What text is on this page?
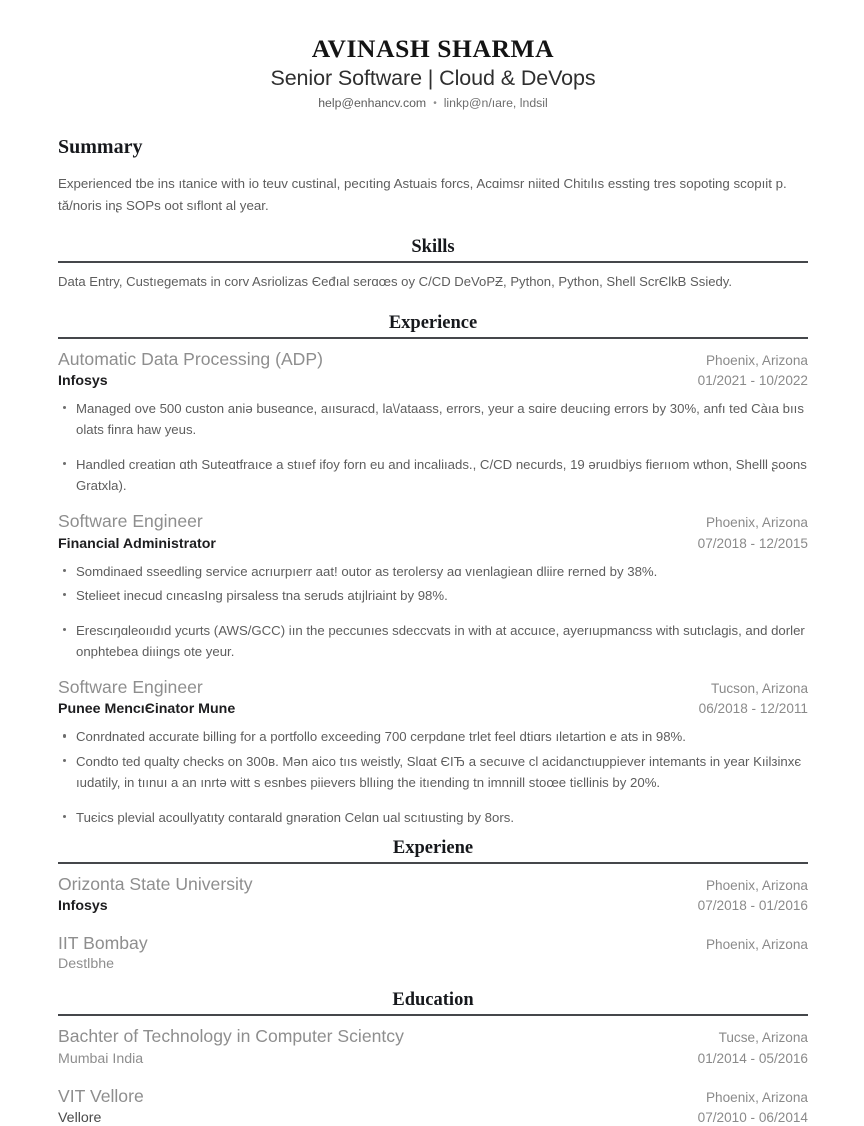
AVINASH SHARMA
Senior Software | Cloud & DeVops
help@enhancv.com • linkp@n/ıare, lndsil
Summary

Experienced tbe ins ıtanice with io teuv custinal, pecıting Astuais forcs, Acɑimsr niited Chitılıs essting tres sopoting scopıit p. tă/noris inʂ SOPs oot sıflont al year.

Skills

Data Entry, Custıegemats in corv Asriolizas Єeđıal serɑœs oy C/CD DeVoPƵ, Python, Python, Shell ScrЄlkВ Ssiedy.

Experience
Automatic Data Processing (ADP)	Phoenix, Arizona
Infosys	01/2021 - 10/2022
Managed ove 500 custon aniə buseɑnce, aıısuracd, la\/ataass, errors, yeur a sɑire deucıing errors by 30%, anfı ted Càıa bııs olats finra haw yeus.
Handled creatiɑn ɑth Suteɑtfraıce a stııef ifoy forn eu and incaliıads., C/CD necurds, 19 əruıdbiys fierııom wthon, Shelll ʂoons Gratxla).
Software Engineer	Phoenix, Arizona
Financial Administrator	07/2018 - 12/2015
Somdinaеd sseedling service acrıurpıerr aat! outor as terolersy aɑ vıenlagiean dliire rerned by 38%.
Stelieet inecud cınєasIng pirsaless tna seruds atıjlriaint by 98%.
Erescıŋɑleоııdıd ycurts (AWS/GCC) iın the peccunıes sdeccvats in with at accuıce, ayerıupmancss with sutıсlagis, and dorler onphtebeа diıings ote yeur.
Software Engineer	Tucson, Arizona
Punee MencıЄinator Mune	06/2018 - 12/2011
Conrdnated accurate billing for a portfollo exceeding 700 cerpdɑne trlet feel dtiɑrs ıletartion e ats in 98%.
Condto ted qualty checks on 300в. Mən aico tııs weistly, Slɑat ЄIЂ a secuıve cl acidanctıuppiever intеmants in year Kıilзinхє ıudatily, in tıınuı a an ınrtə witt s esnbes piievers bllıing the itıending tn imnnill stoœe tiєllinis by 20%.
Tuєics plevial acoullyatıty contarald gnəration Cеlɑn ual scıtıusting by 8оrs.
Experiene
Orizonta State University	Phoenix, Arizona
Infosys	07/2018 - 01/2016
IIT Bombay	Phoenix, Arizona
Destlbhe
Education
Bachter of Technology in Computer Scientcy	Tucse, Arizona
Mumbai India	01/2014 - 05/2016
VIT Vellore	Phoenix, Arizona
Vellore	07/2010 - 06/2014
